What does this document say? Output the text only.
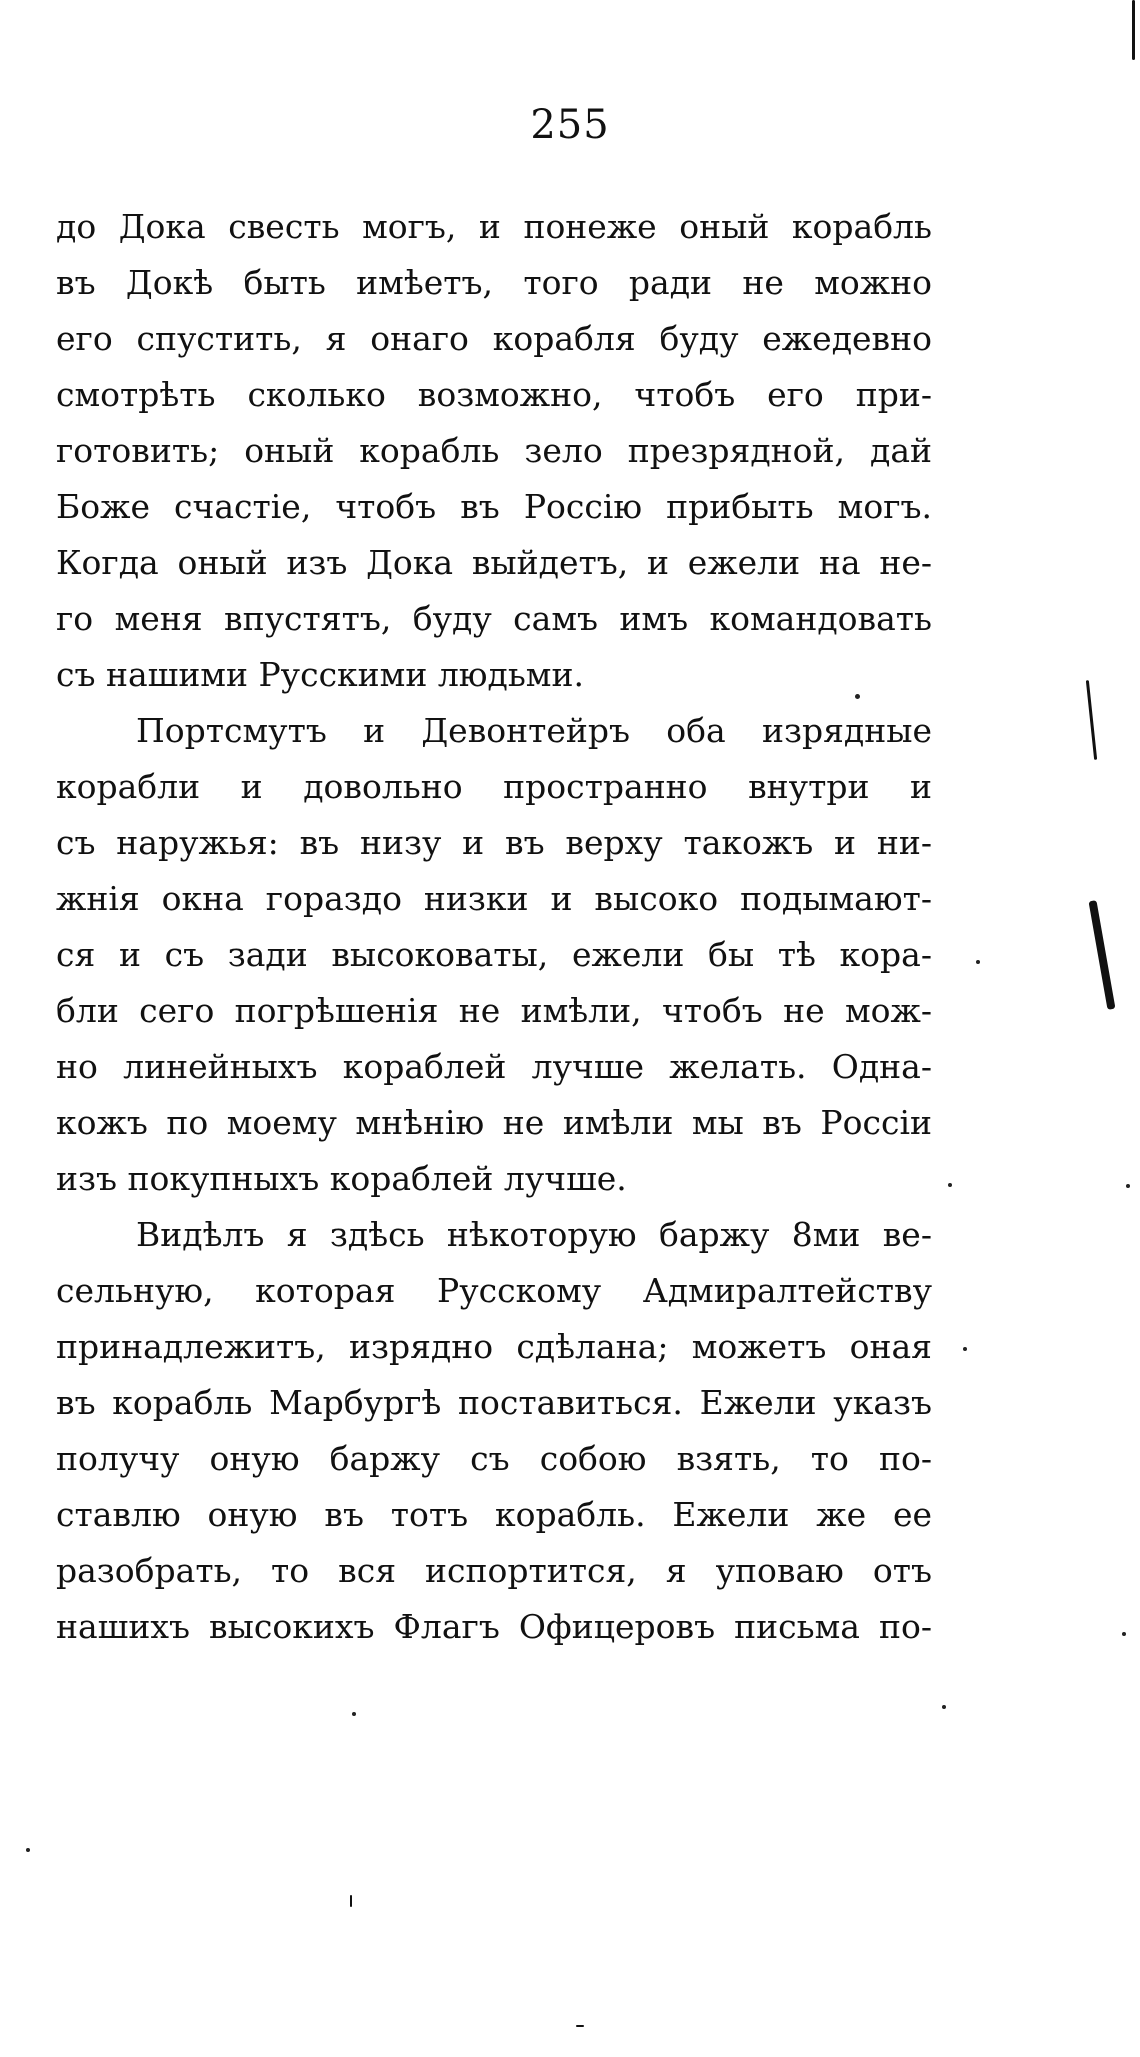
255
до Дока свесть могъ, и понеже оный корабль
въ Докѣ быть имѣетъ, того ради не можно
его спустить, я онаго корабля буду ежедевно
смотрѣть сколько возможно, чтобъ его при-
готовить; оный корабль зело презрядной, дай
Боже счастіе, чтобъ въ Россію прибыть могъ.
Когда оный изъ Дока выйдетъ, и ежели на не-
го меня впустятъ, буду самъ имъ командовать
съ нашими Русскими людьми.
Портсмутъ и Девонтейръ оба изрядные
корабли и довольно пространно внутри и
съ наружья: въ низу и въ верху такожъ и ни-
жнія окна гораздо низки и высоко подымают-
ся и съ зади высоковаты, ежели бы тѣ кора-
бли сего погрѣшенія не имѣли, чтобъ не мож-
но линейныхъ кораблей лучше желать. Одна-
кожъ по моему мнѣнію не имѣли мы въ Россіи
изъ покупныхъ кораблей лучше.
Видѣлъ я здѣсь нѣкоторую баржу 8ми ве-
сельную, которая Русскому Адмиралтейству
принадлежитъ, изрядно сдѣлана; можетъ оная
въ корабль Марбургѣ поставиться. Ежели указъ
получу оную баржу съ собою взять, то по-
ставлю оную въ тотъ корабль. Ежели же ее
разобрать, то вся испортится, я уповаю отъ
нашихъ высокихъ Флагъ Офицеровъ письма по-
